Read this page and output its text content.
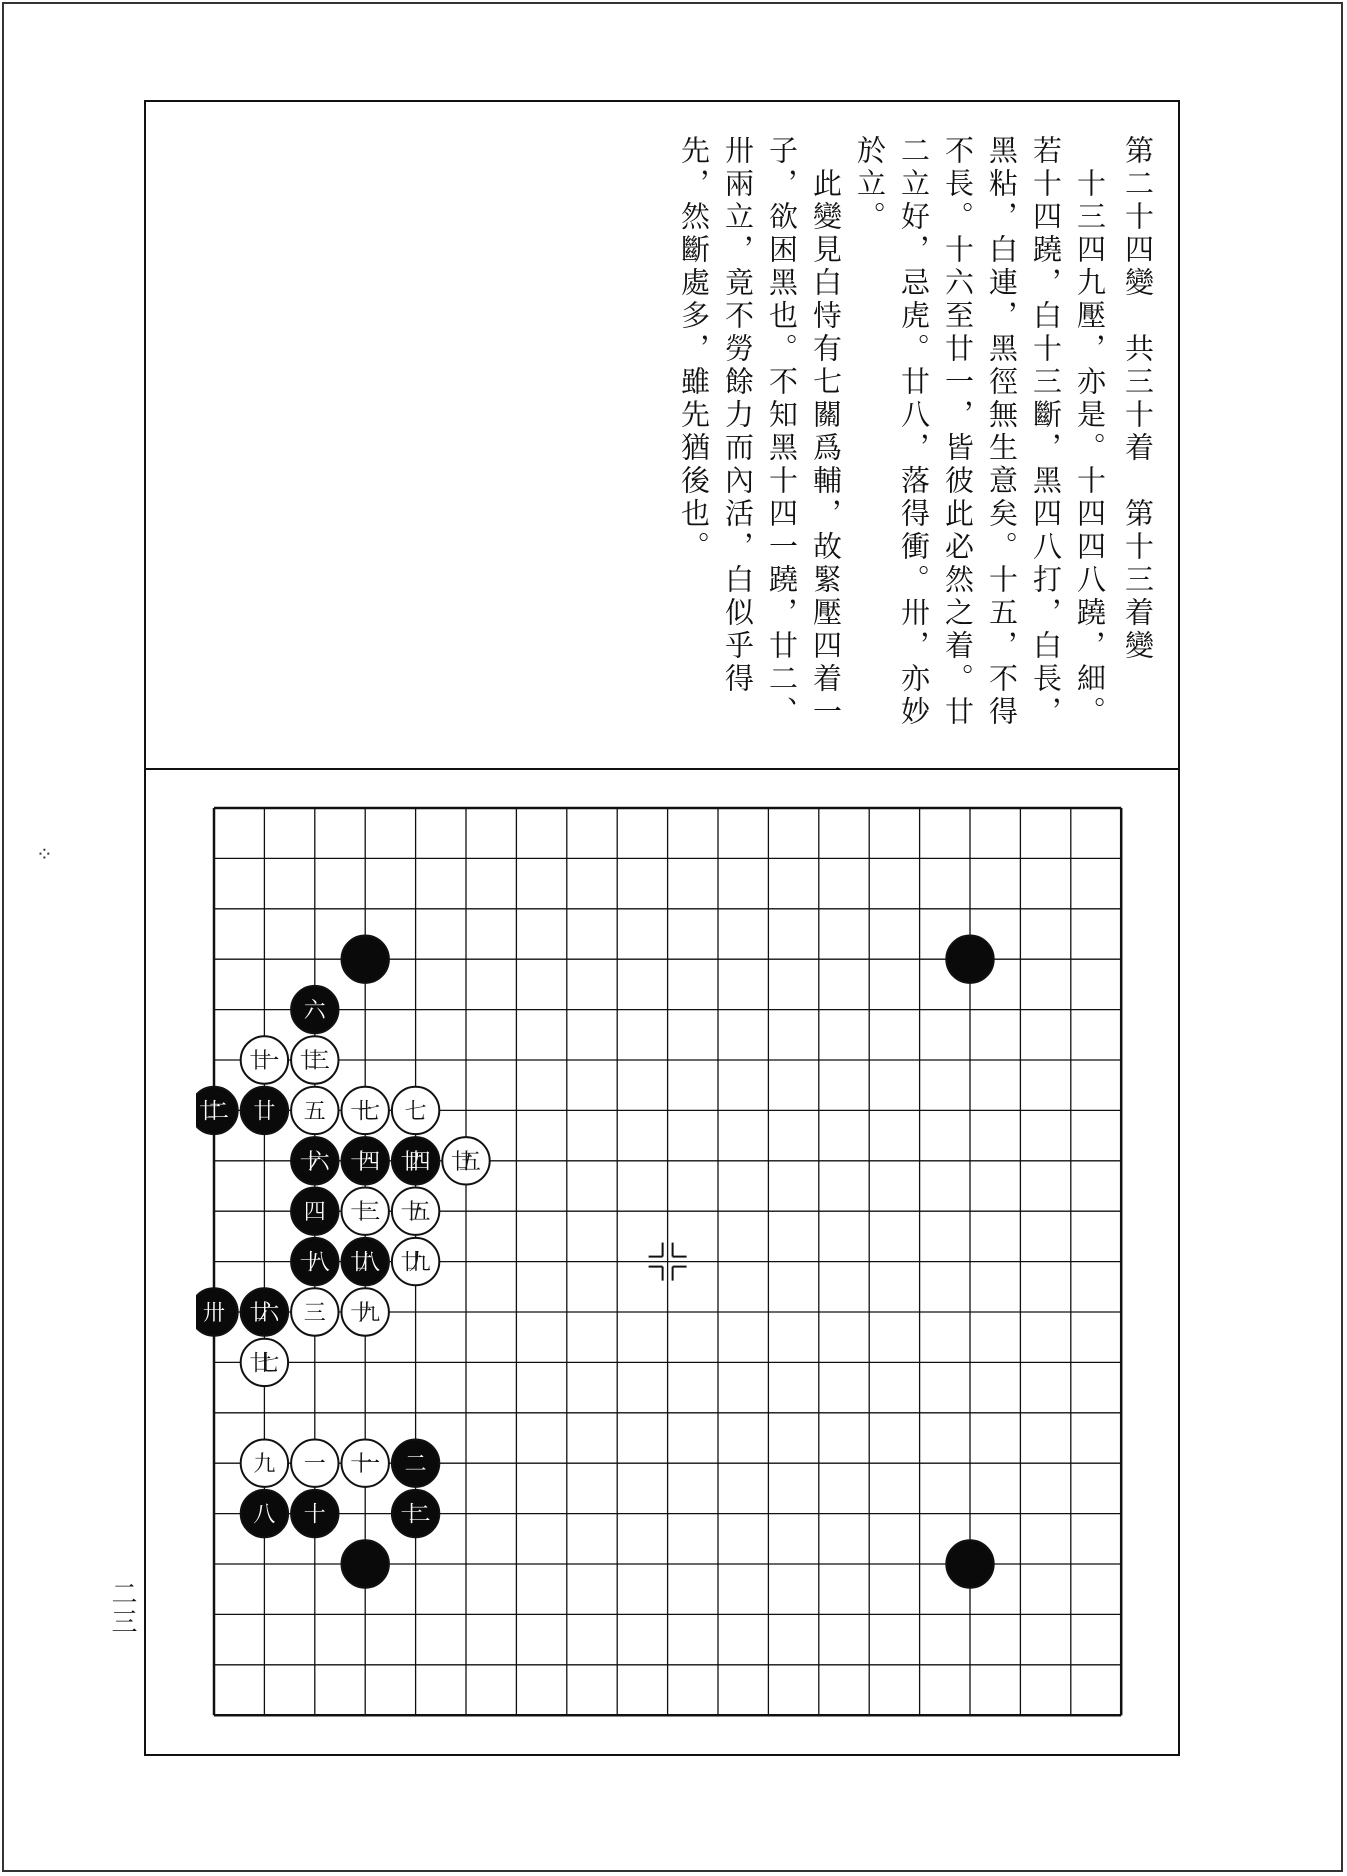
⁘
第二十四變　共三十着　第十三着變

　十三四九壓，亦是。十四四八蹺，細。若十四蹺，白十三斷，黑四八打，白長，黑粘，白連，黑徑無生意矣。十五，不得不長。十六至廿一，皆彼此必然之着。廿二立好，忌虎。廿八，落得衝。卅，亦妙於立。

　此變見白恃有七關爲輔，故緊壓四着一子，欲困黑也。不知黑十四一蹺，廿二、卅兩立，竟不勞餘力而內活，白似乎得先，然斷處多，雖先猶後也。

二三
六
廿一 廿三
廿二 廿 五 十七 七
十六 十四 廿四 廿五
四 十三 十五
十八 廿八 廿九
卅 廿六 三 十九
廿七
九 一 十一 二
八 十	十二
